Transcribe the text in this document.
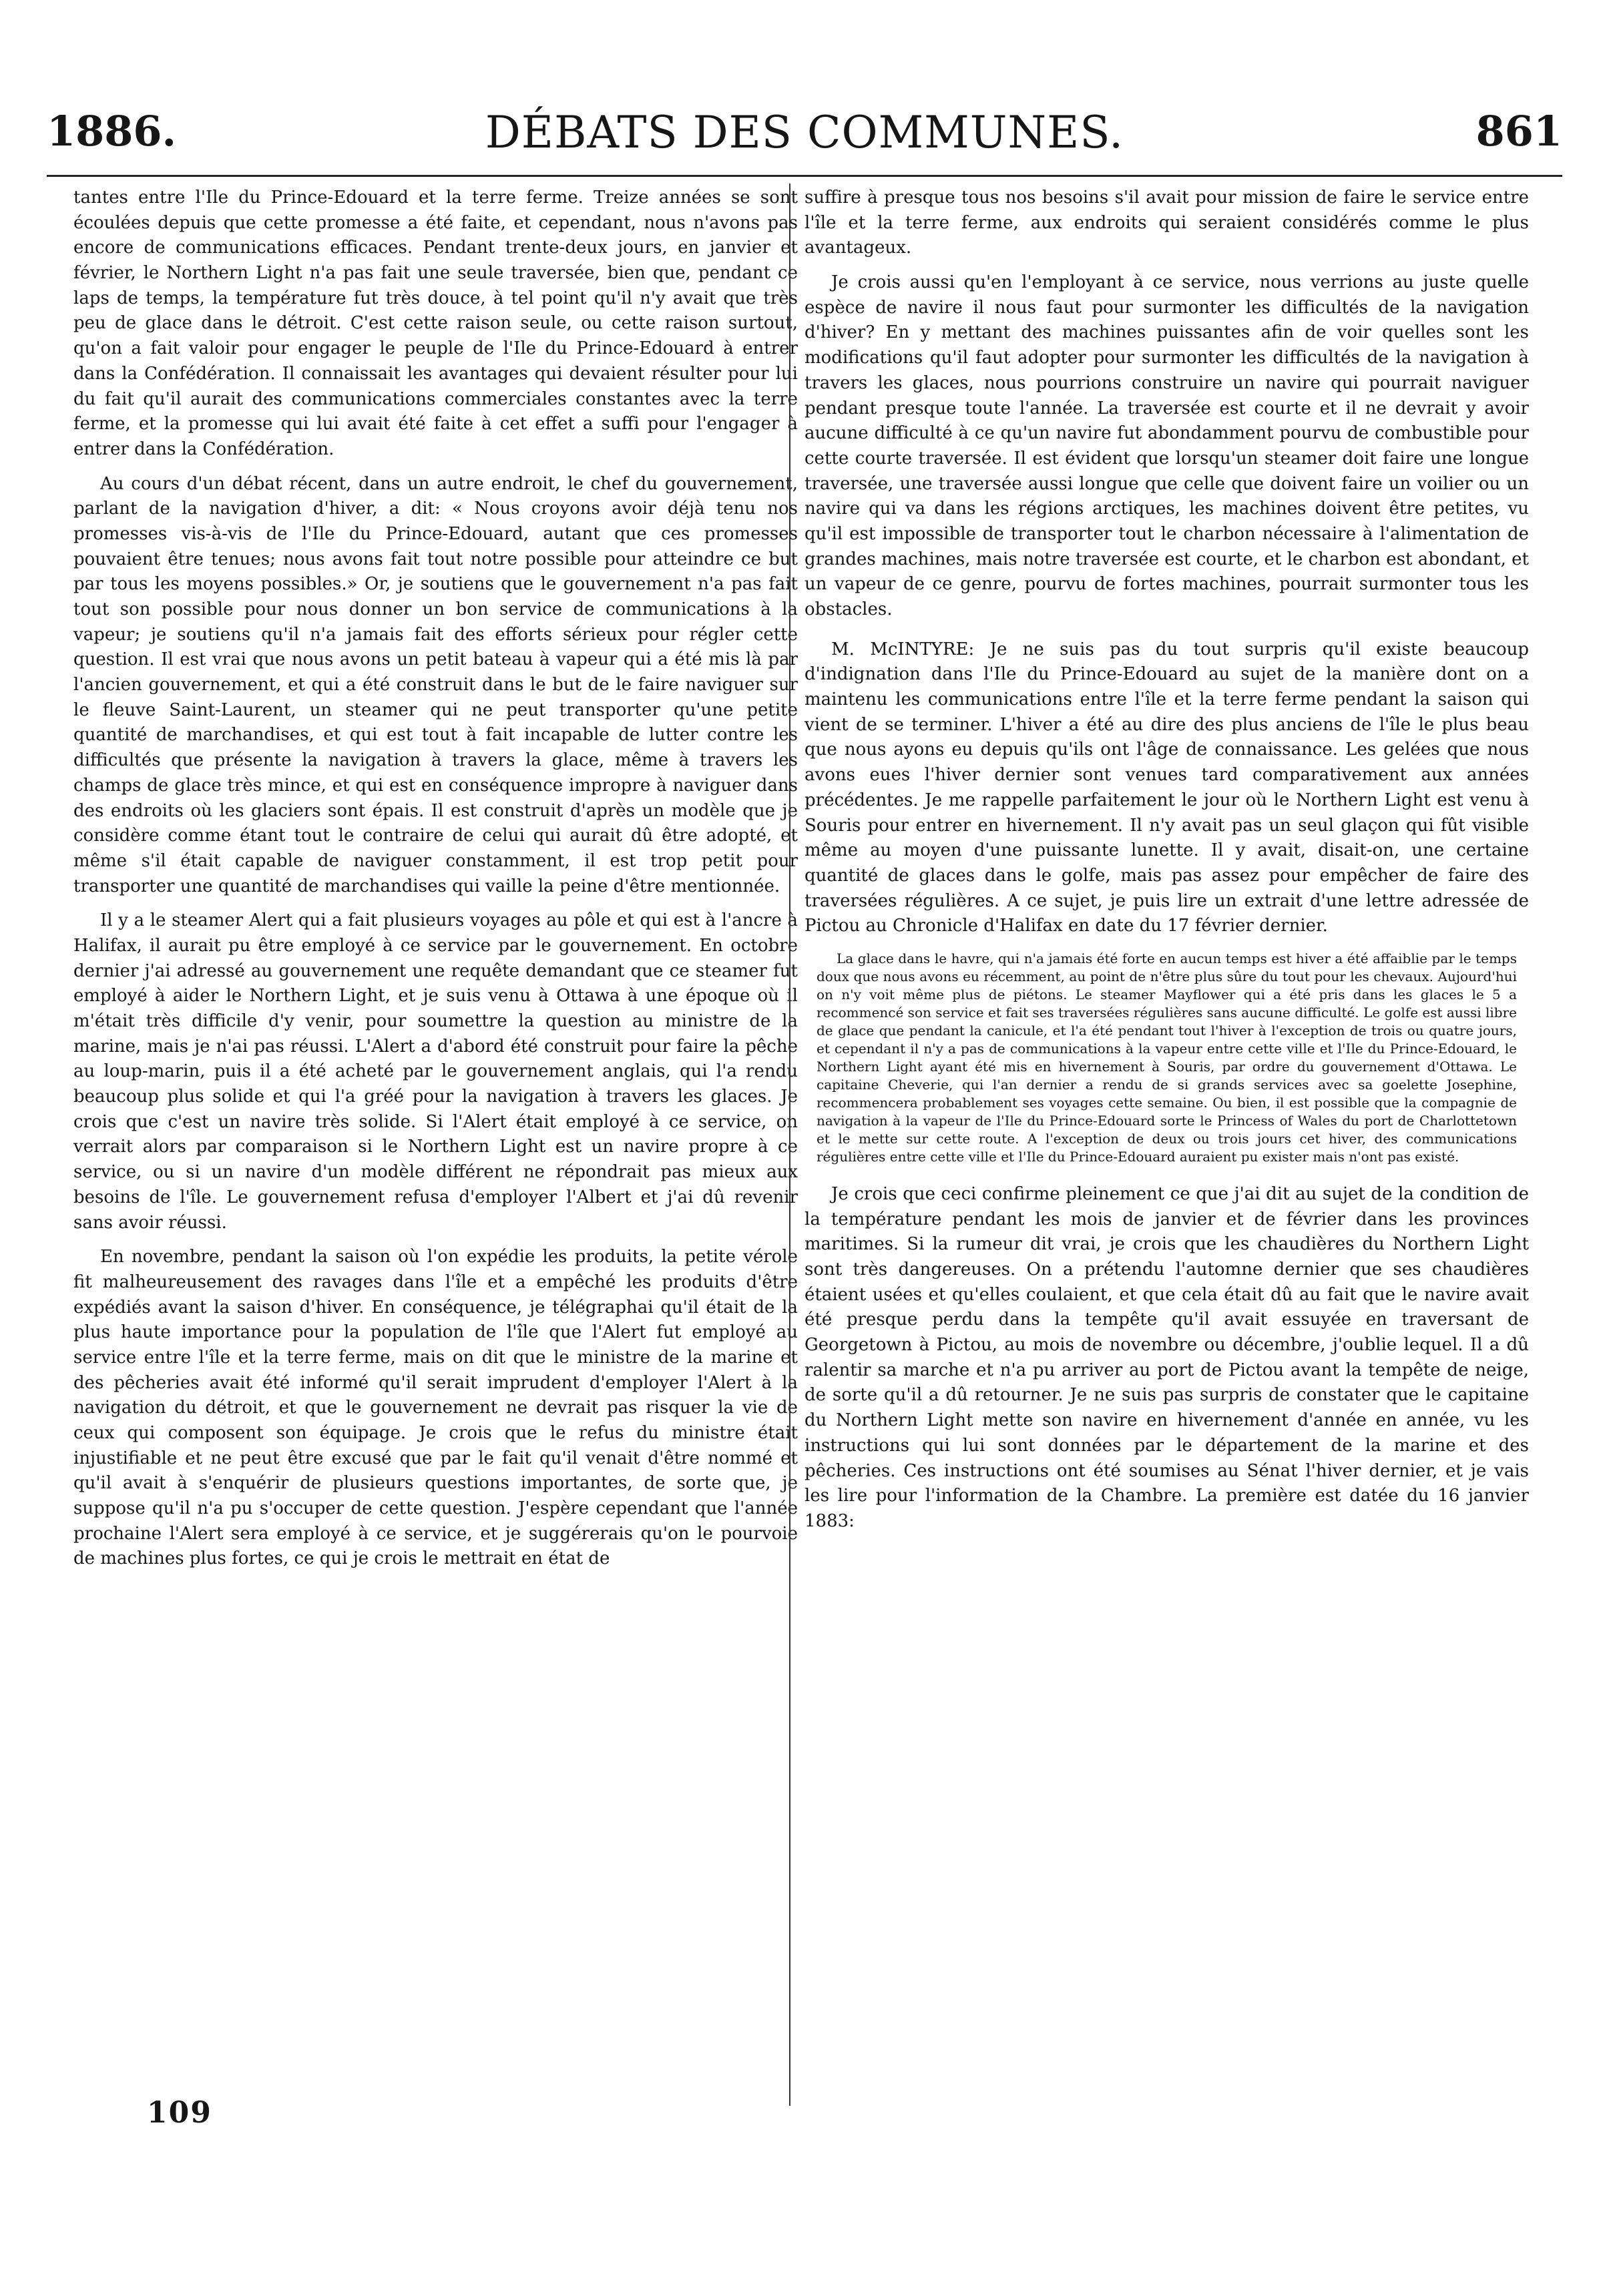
1886.	DÉBATS DES COMMUNES.	861

tantes entre l'Ile du Prince-Edouard et la terre ferme. Treize années se sont écoulées depuis que cette promesse a été faite, et cependant, nous n'avons pas encore de communications efficaces. Pendant trente-deux jours, en janvier et février, le Northern Light n'a pas fait une seule traversée, bien que, pendant ce laps de temps, la température fut très douce, à tel point qu'il n'y avait que très peu de glace dans le détroit. C'est cette raison seule, ou cette raison surtout, qu'on a fait valoir pour engager le peuple de l'Ile du Prince-Edouard à entrer dans la Confédération. Il connaissait les avantages qui devaient résulter pour lui du fait qu'il aurait des communications commerciales constantes avec la terre ferme, et la promesse qui lui avait été faite à cet effet a suffi pour l'engager à entrer dans la Confédération.

Au cours d'un débat récent, dans un autre endroit, le chef du gouvernement, parlant de la navigation d'hiver, a dit: « Nous croyons avoir déjà tenu nos promesses vis-à-vis de l'Ile du Prince-Edouard, autant que ces promesses pouvaient être tenues; nous avons fait tout notre possible pour atteindre ce but par tous les moyens possibles.» Or, je soutiens que le gouvernement n'a pas fait tout son possible pour nous donner un bon service de communications à la vapeur; je soutiens qu'il n'a jamais fait des efforts sérieux pour régler cette question. Il est vrai que nous avons un petit bateau à vapeur qui a été mis là par l'ancien gouvernement, et qui a été construit dans le but de le faire naviguer sur le fleuve Saint-Laurent, un steamer qui ne peut transporter qu'une petite quantité de marchandises, et qui est tout à fait incapable de lutter contre les difficultés que présente la navigation à travers la glace, même à travers les champs de glace très mince, et qui est en conséquence impropre à naviguer dans des endroits où les glaciers sont épais. Il est construit d'après un modèle que je considère comme étant tout le contraire de celui qui aurait dû être adopté, et même s'il était capable de naviguer constamment, il est trop petit pour transporter une quantité de marchandises qui vaille la peine d'être mentionnée.

Il y a le steamer Alert qui a fait plusieurs voyages au pôle et qui est à l'ancre à Halifax, il aurait pu être employé à ce service par le gouvernement. En octobre dernier j'ai adressé au gouvernement une requête demandant que ce steamer fut employé à aider le Northern Light, et je suis venu à Ottawa à une époque où il m'était très difficile d'y venir, pour soumettre la question au ministre de la marine, mais je n'ai pas réussi. L'Alert a d'abord été construit pour faire la pêche au loup-marin, puis il a été acheté par le gouvernement anglais, qui l'a rendu beaucoup plus solide et qui l'a gréé pour la navigation à travers les glaces. Je crois que c'est un navire très solide. Si l'Alert était employé à ce service, on verrait alors par comparaison si le Northern Light est un navire propre à ce service, ou si un navire d'un modèle différent ne répondrait pas mieux aux besoins de l'île. Le gouvernement refusa d'employer l'Albert et j'ai dû revenir sans avoir réussi.

En novembre, pendant la saison où l'on expédie les produits, la petite vérole fit malheureusement des ravages dans l'île et a empêché les produits d'être expédiés avant la saison d'hiver. En conséquence, je télégraphai qu'il était de la plus haute importance pour la population de l'île que l'Alert fut employé au service entre l'île et la terre ferme, mais on dit que le ministre de la marine et des pêcheries avait été informé qu'il serait imprudent d'employer l'Alert à la navigation du détroit, et que le gouvernement ne devrait pas risquer la vie de ceux qui composent son équipage. Je crois que le refus du ministre était injustifiable et ne peut être excusé que par le fait qu'il venait d'être nommé et qu'il avait à s'enquérir de plusieurs questions importantes, de sorte que, je suppose qu'il n'a pu s'occuper de cette question. J'espère cependant que l'année prochaine l'Alert sera employé à ce service, et je suggérerais qu'on le pourvoie de machines plus fortes, ce qui je crois le mettrait en état de

suffire à presque tous nos besoins s'il avait pour mission de faire le service entre l'île et la terre ferme, aux endroits qui seraient considérés comme le plus avantageux.

Je crois aussi qu'en l'employant à ce service, nous verrions au juste quelle espèce de navire il nous faut pour surmonter les difficultés de la navigation d'hiver? En y mettant des machines puissantes afin de voir quelles sont les modifications qu'il faut adopter pour surmonter les difficultés de la navigation à travers les glaces, nous pourrions construire un navire qui pourrait naviguer pendant presque toute l'année. La traversée est courte et il ne devrait y avoir aucune difficulté à ce qu'un navire fut abondamment pourvu de combustible pour cette courte traversée. Il est évident que lorsqu'un steamer doit faire une longue traversée, une traversée aussi longue que celle que doivent faire un voilier ou un navire qui va dans les régions arctiques, les machines doivent être petites, vu qu'il est impossible de transporter tout le charbon nécessaire à l'alimentation de grandes machines, mais notre traversée est courte, et le charbon est abondant, et un vapeur de ce genre, pourvu de fortes machines, pourrait surmonter tous les obstacles.

M. McINTYRE: Je ne suis pas du tout surpris qu'il existe beaucoup d'indignation dans l'Ile du Prince-Edouard au sujet de la manière dont on a maintenu les communications entre l'île et la terre ferme pendant la saison qui vient de se terminer. L'hiver a été au dire des plus anciens de l'île le plus beau que nous ayons eu depuis qu'ils ont l'âge de connaissance. Les gelées que nous avons eues l'hiver dernier sont venues tard comparativement aux années précédentes. Je me rappelle parfaitement le jour où le Northern Light est venu à Souris pour entrer en hivernement. Il n'y avait pas un seul glaçon qui fût visible même au moyen d'une puissante lunette. Il y avait, disait-on, une certaine quantité de glaces dans le golfe, mais pas assez pour empêcher de faire des traversées régulières. A ce sujet, je puis lire un extrait d'une lettre adressée de Pictou au Chronicle d'Halifax en date du 17 février dernier.

La glace dans le havre, qui n'a jamais été forte en aucun temps est hiver a été affaiblie par le temps doux que nous avons eu récemment, au point de n'être plus sûre du tout pour les chevaux. Aujourd'hui on n'y voit même plus de piétons. Le steamer Mayflower qui a été pris dans les glaces le 5 a recommencé son service et fait ses traversées régulières sans aucune difficulté. Le golfe est aussi libre de glace que pendant la canicule, et l'a été pendant tout l'hiver à l'exception de trois ou quatre jours, et cependant il n'y a pas de communications à la vapeur entre cette ville et l'Ile du Prince-Edouard, le Northern Light ayant été mis en hivernement à Souris, par ordre du gouvernement d'Ottawa. Le capitaine Cheverie, qui l'an dernier a rendu de si grands services avec sa goelette Josephine, recommencera probablement ses voyages cette semaine. Ou bien, il est possible que la compagnie de navigation à la vapeur de l'Ile du Prince-Edouard sorte le Princess of Wales du port de Charlottetown et le mette sur cette route. A l'exception de deux ou trois jours cet hiver, des communications régulières entre cette ville et l'Ile du Prince-Edouard auraient pu exister mais n'ont pas existé.

Je crois que ceci confirme pleinement ce que j'ai dit au sujet de la condition de la température pendant les mois de janvier et de février dans les provinces maritimes. Si la rumeur dit vrai, je crois que les chaudières du Northern Light sont très dangereuses. On a prétendu l'automne dernier que ses chaudières étaient usées et qu'elles coulaient, et que cela était dû au fait que le navire avait été presque perdu dans la tempête qu'il avait essuyée en traversant de Georgetown à Pictou, au mois de novembre ou décembre, j'oublie lequel. Il a dû ralentir sa marche et n'a pu arriver au port de Pictou avant la tempête de neige, de sorte qu'il a dû retourner. Je ne suis pas surpris de constater que le capitaine du Northern Light mette son navire en hivernement d'année en année, vu les instructions qui lui sont données par le département de la marine et des pêcheries. Ces instructions ont été soumises au Sénat l'hiver dernier, et je vais les lire pour l'information de la Chambre. La première est datée du 16 janvier 1883:

109
